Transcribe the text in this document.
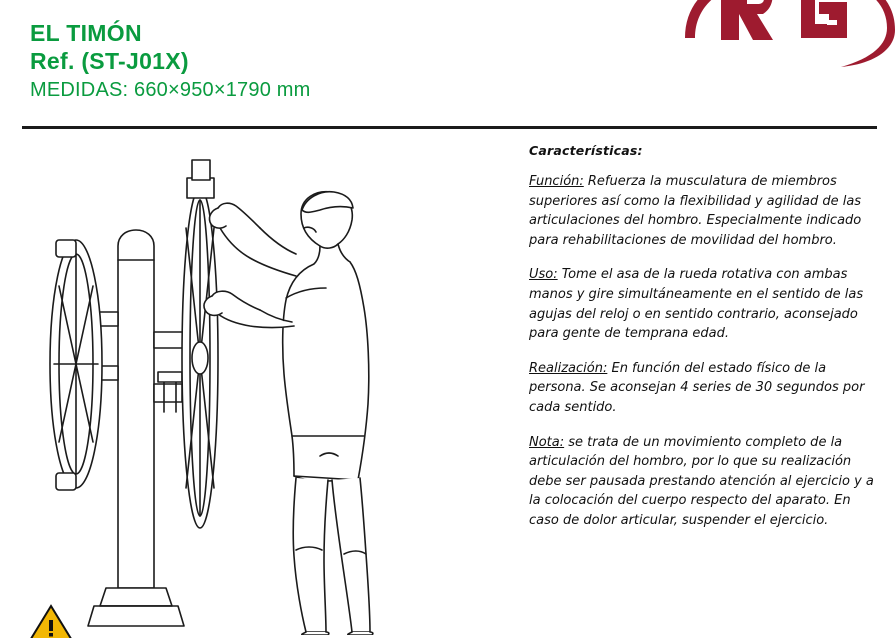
EL TIMÓN
Ref. (ST-J01X)
MEDIDAS: 660×950×1790 mm
Características:

Función: Refuerza la musculatura de miembros superiores así como la flexibilidad y agilidad de las articulaciones del hombro. Especialmente indicado para rehabilitaciones de movilidad del hombro.

Uso: Tome el asa de la rueda rotativa con ambas manos y gire simultáneamente en el sentido de las agujas del reloj o en sentido contrario, aconsejado para gente de temprana edad.

Realización: En función del estado físico de la persona. Se aconsejan 4 series de 30 segundos por cada sentido.

Nota: se trata de un movimiento completo de la articulación del hombro, por lo que su realización debe ser pausada prestando atención al ejercicio y a la colocación del cuerpo respecto del aparato. En caso de dolor articular, suspender el ejercicio.
